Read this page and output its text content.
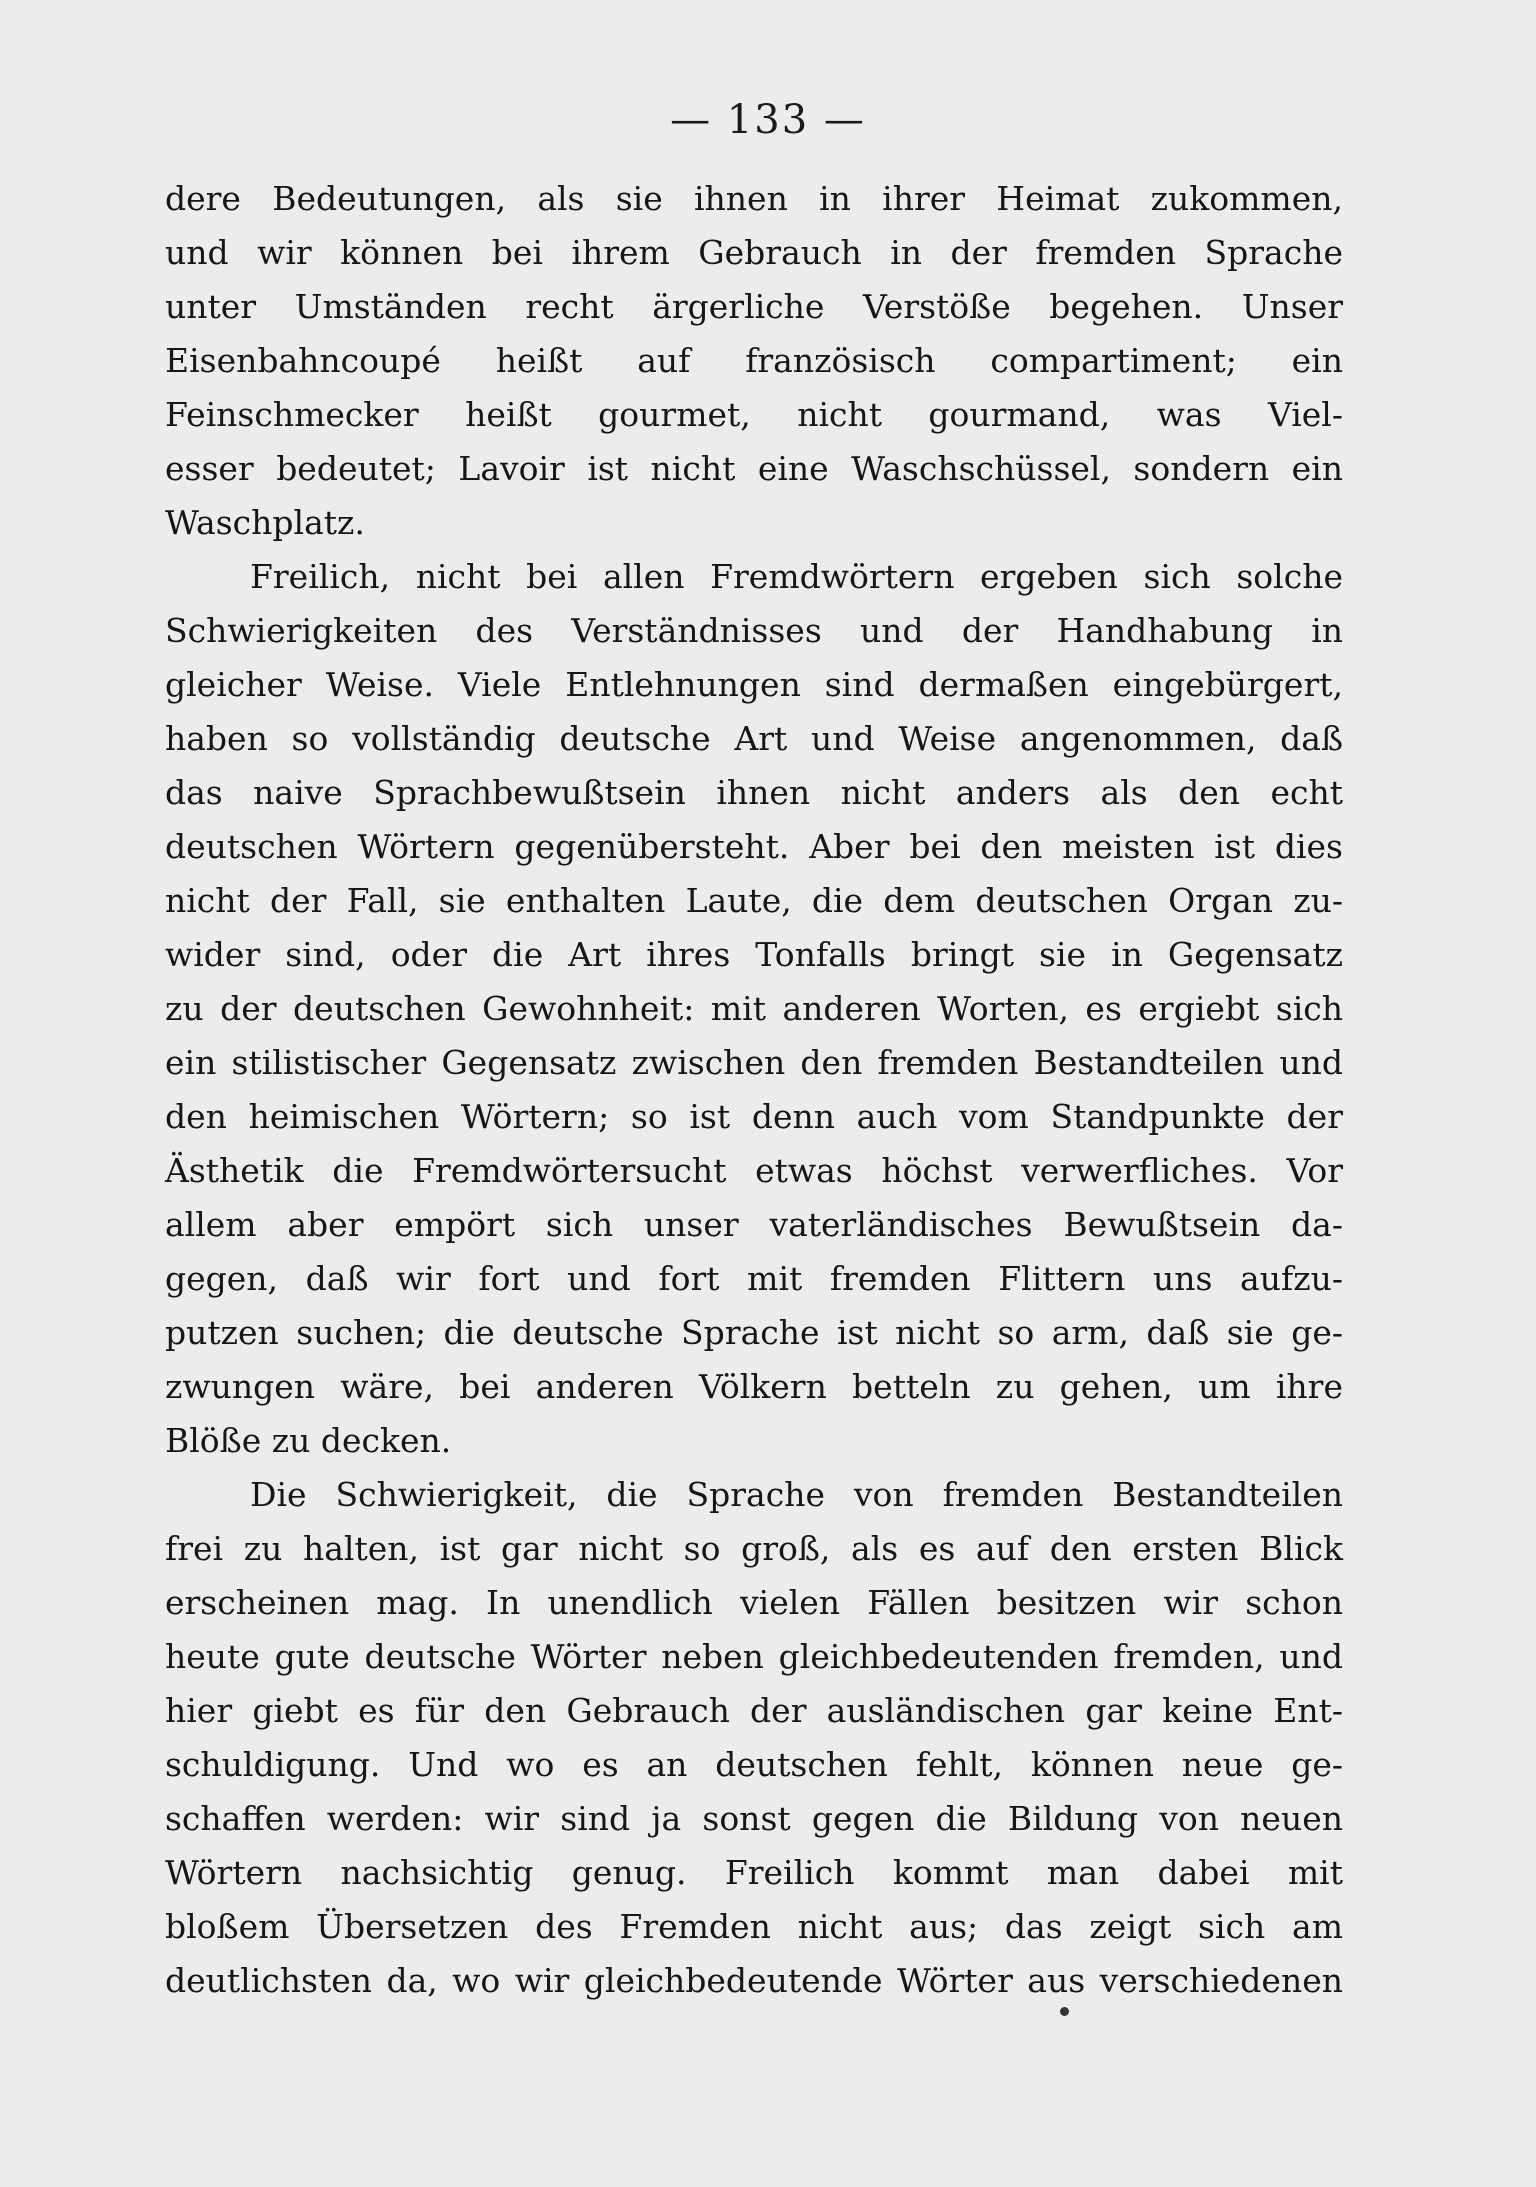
— 133 —
dere Bedeutungen, als sie ihnen in ihrer Heimat zukommen,
und wir können bei ihrem Gebrauch in der fremden Sprache
unter Umständen recht ärgerliche Verstöße begehen. Unser
Eisenbahncoupé heißt auf französisch compartiment; ein
Feinschmecker heißt gourmet, nicht gourmand, was Viel-
esser bedeutet; Lavoir ist nicht eine Waschschüssel, sondern ein
Waschplatz.
Freilich, nicht bei allen Fremdwörtern ergeben sich solche
Schwierigkeiten des Verständnisses und der Handhabung in
gleicher Weise. Viele Entlehnungen sind dermaßen eingebürgert,
haben so vollständig deutsche Art und Weise angenommen, daß
das naive Sprachbewußtsein ihnen nicht anders als den echt
deutschen Wörtern gegenübersteht. Aber bei den meisten ist dies
nicht der Fall, sie enthalten Laute, die dem deutschen Organ zu-
wider sind, oder die Art ihres Tonfalls bringt sie in Gegensatz
zu der deutschen Gewohnheit: mit anderen Worten, es ergiebt sich
ein stilistischer Gegensatz zwischen den fremden Bestandteilen und
den heimischen Wörtern; so ist denn auch vom Standpunkte der
Ästhetik die Fremdwörtersucht etwas höchst verwerfliches. Vor
allem aber empört sich unser vaterländisches Bewußtsein da-
gegen, daß wir fort und fort mit fremden Flittern uns aufzu-
putzen suchen; die deutsche Sprache ist nicht so arm, daß sie ge-
zwungen wäre, bei anderen Völkern betteln zu gehen, um ihre
Blöße zu decken.
Die Schwierigkeit, die Sprache von fremden Bestandteilen
frei zu halten, ist gar nicht so groß, als es auf den ersten Blick
erscheinen mag. In unendlich vielen Fällen besitzen wir schon
heute gute deutsche Wörter neben gleichbedeutenden fremden, und
hier giebt es für den Gebrauch der ausländischen gar keine Ent-
schuldigung. Und wo es an deutschen fehlt, können neue ge-
schaffen werden: wir sind ja sonst gegen die Bildung von neuen
Wörtern nachsichtig genug. Freilich kommt man dabei mit
bloßem Übersetzen des Fremden nicht aus; das zeigt sich am
deutlichsten da, wo wir gleichbedeutende Wörter aus verschiedenen
